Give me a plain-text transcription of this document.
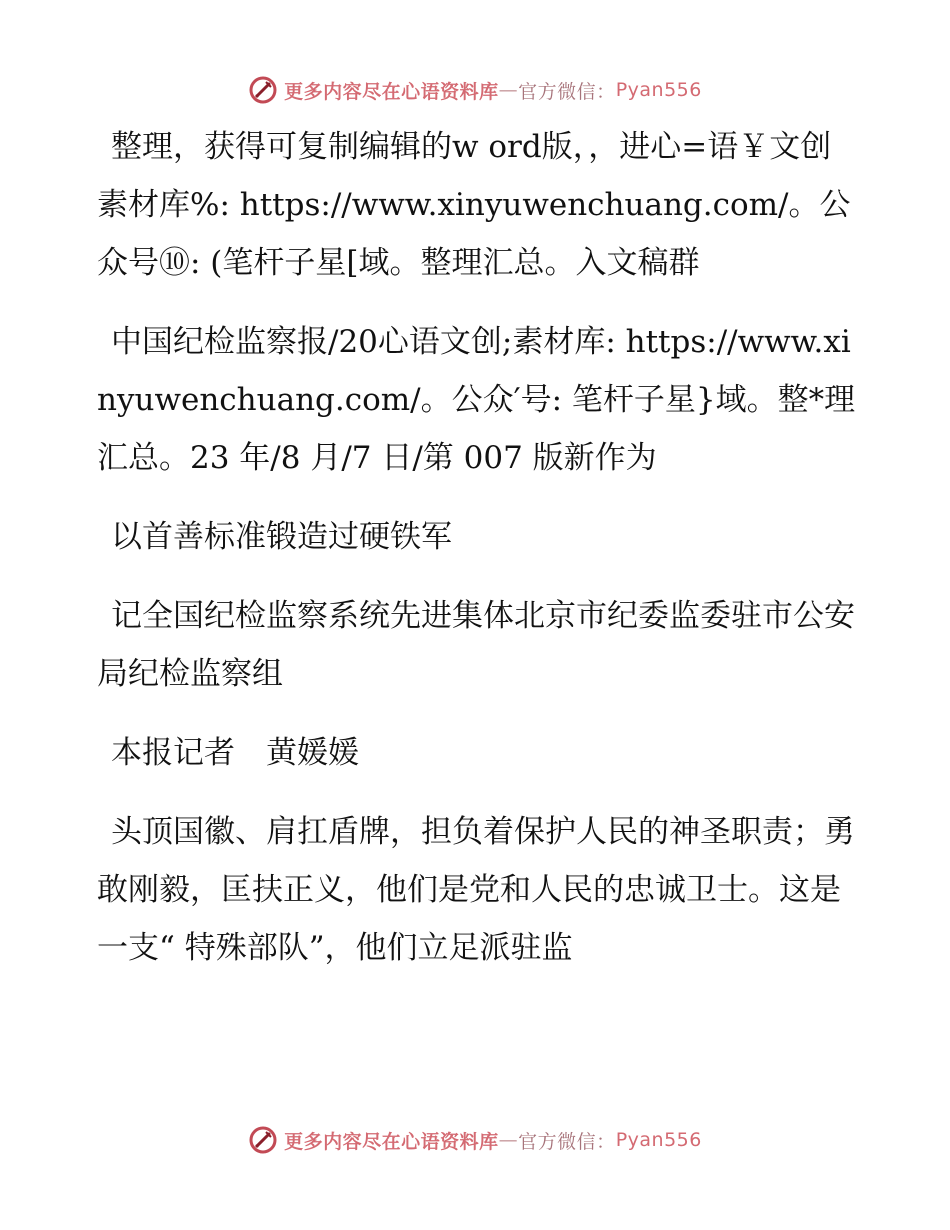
更多内容尽在心语资料库 — 官方微信： Pyan556

整理，获得可复制编辑的w ord版，，进心=语￥文创素材库%: https://www.xinyuwenchuang.com/。公众号⑩: (笔杆子星[域。整理汇总。入文稿群

中国纪检监察报/20心语文创;素材库: https://www.xinyuwenchuang.com/。公众′号: 笔杆子星}域。整*理汇总。23 年/8 月/7 日/第 007 版新作为

以首善标准锻造过硬铁军

记全国纪检监察系统先进集体北京市纪委监委驻市公安局纪检监察组

本报记者　黄媛媛

头顶国徽、肩扛盾牌，担负着保护人民的神圣职责；勇敢刚毅，匡扶正义，他们是党和人民的忠诚卫士。这是一支“ 特殊部队”，他们立足派驻监

更多内容尽在心语资料库 — 官方微信： Pyan556
